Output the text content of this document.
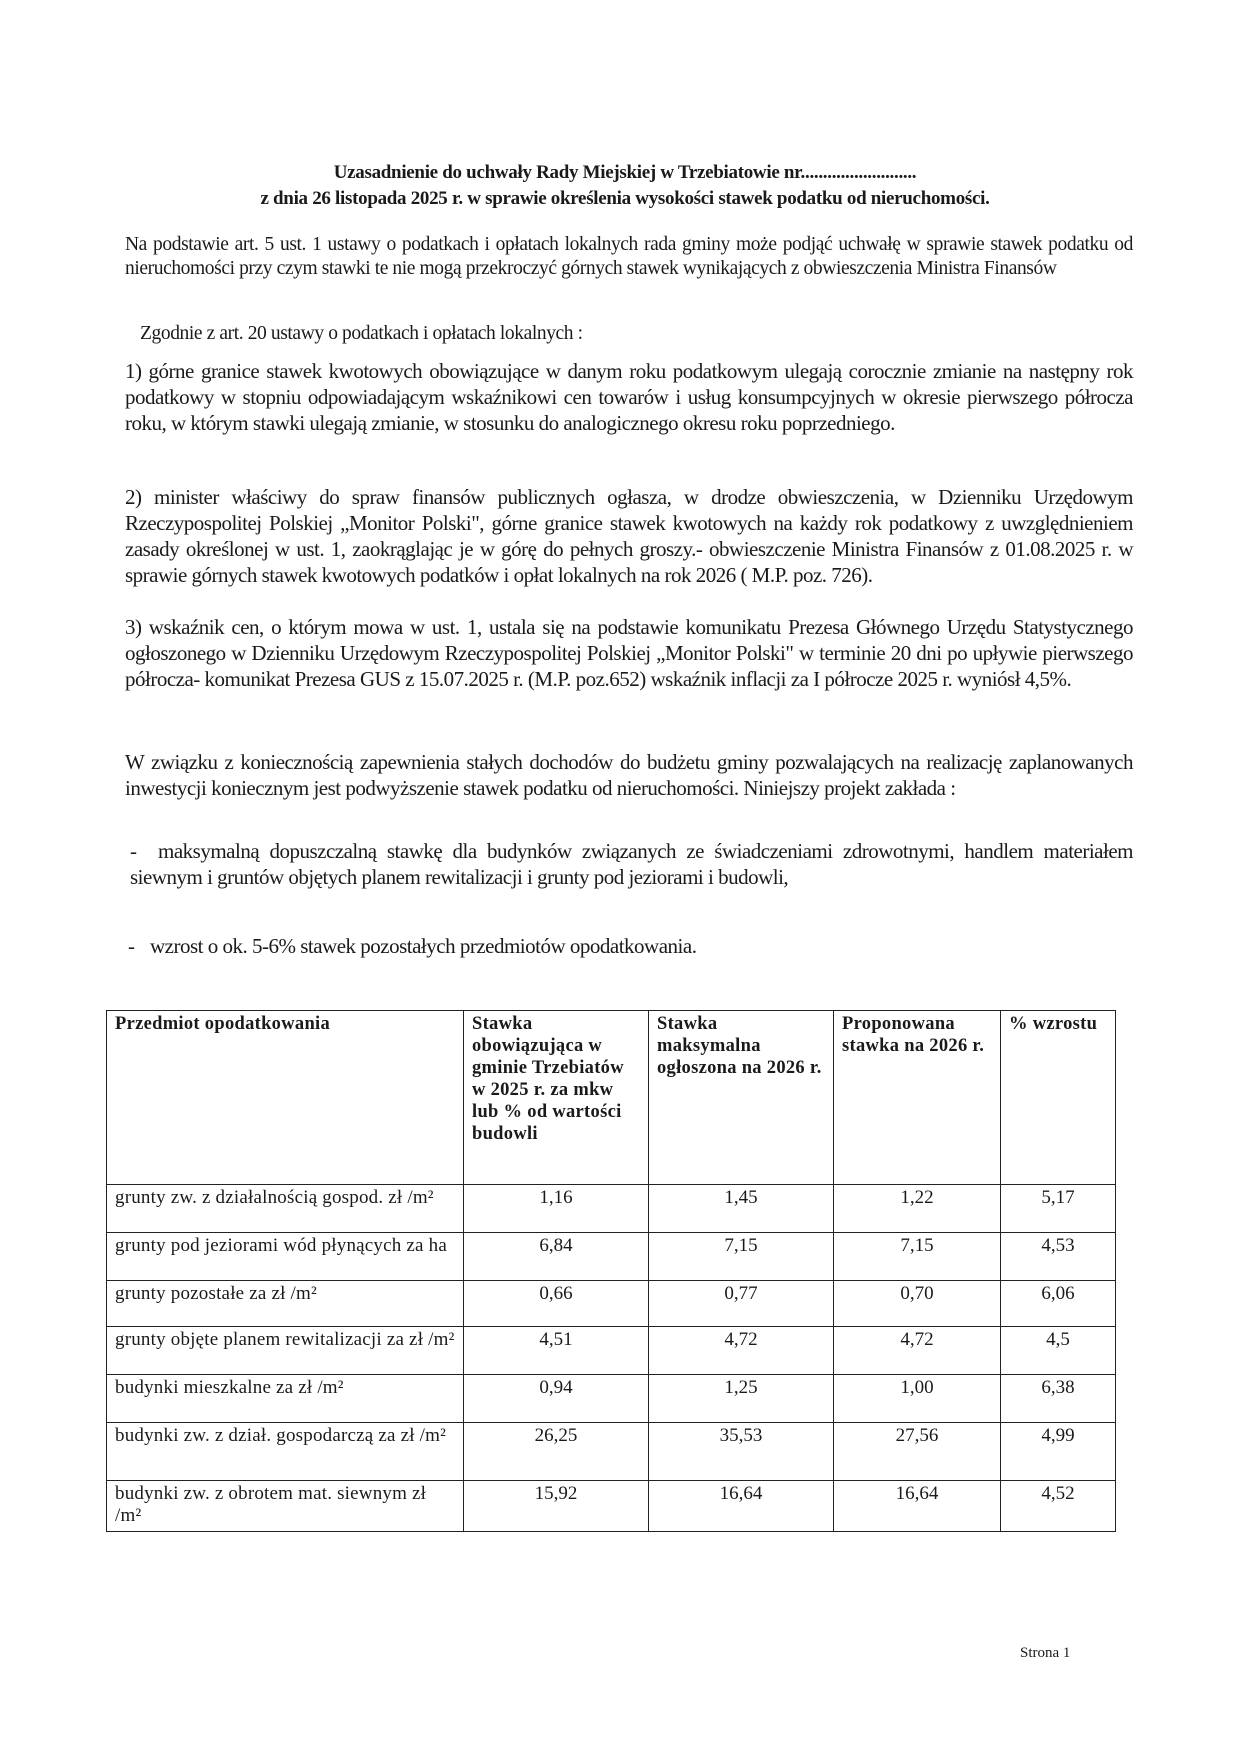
Uzasadnienie do uchwały Rady Miejskiej w Trzebiatowie nr..........................
z dnia 26 listopada 2025 r. w sprawie określenia wysokości stawek podatku od nieruchomości.
Na podstawie art. 5 ust. 1 ustawy o podatkach i opłatach lokalnych rada gminy może podjąć uchwałę w sprawie stawek podatku od nieruchomości przy czym stawki te nie mogą przekroczyć górnych stawek wynikających z obwieszczenia Ministra Finansów
Zgodnie z art. 20 ustawy o podatkach i opłatach lokalnych :
1) górne granice stawek kwotowych obowiązujące w danym roku podatkowym ulegają corocznie zmianie na następny rok podatkowy w stopniu odpowiadającym wskaźnikowi cen towarów i usług konsumpcyjnych w okresie pierwszego półrocza roku, w którym stawki ulegają zmianie, w stosunku do analogicznego okresu roku poprzedniego.
2) minister właściwy do spraw finansów publicznych ogłasza, w drodze obwieszczenia, w Dzienniku Urzędowym Rzeczypospolitej Polskiej „Monitor Polski", górne granice stawek kwotowych na każdy rok podatkowy z uwzględnieniem zasady określonej w ust. 1, zaokrąglając je w górę do pełnych groszy.- obwieszczenie Ministra Finansów z 01.08.2025 r. w sprawie górnych stawek kwotowych podatków i opłat lokalnych na rok 2026 ( M.P. poz. 726).
3) wskaźnik cen, o którym mowa w ust. 1, ustala się na podstawie komunikatu Prezesa Głównego Urzędu Statystycznego ogłoszonego w Dzienniku Urzędowym Rzeczypospolitej Polskiej „Monitor Polski" w terminie 20 dni po upływie pierwszego półrocza- komunikat Prezesa GUS z 15.07.2025 r. (M.P. poz.652) wskaźnik inflacji za I półrocze 2025 r. wyniósł 4,5%.
W związku z koniecznością zapewnienia stałych dochodów do budżetu gminy pozwalających na realizację zaplanowanych inwestycji koniecznym jest podwyższenie stawek podatku od nieruchomości. Niniejszy projekt zakłada :
- maksymalną dopuszczalną stawkę dla budynków związanych ze świadczeniami zdrowotnymi, handlem materiałem siewnym i gruntów objętych planem rewitalizacji i grunty pod jeziorami i budowli,
- wzrost o ok. 5-6% stawek pozostałych przedmiotów opodatkowania.
Przedmiot opodatkowania	Stawka obowiązująca w gminie Trzebiatów w 2025 r. za mkw lub % od wartości budowli	Stawka maksymalna ogłoszona na 2026 r.	Proponowana stawka na 2026 r.	% wzrostu
grunty zw. z działalnością gospod. zł /m²	1,16	1,45	1,22	5,17
grunty pod jeziorami wód płynących za ha	6,84	7,15	7,15	4,53
grunty pozostałe za zł /m²	0,66	0,77	0,70	6,06
grunty objęte planem rewitalizacji za zł /m²	4,51	4,72	4,72	4,5
budynki mieszkalne za zł /m²	0,94	1,25	1,00	6,38
budynki zw. z dział. gospodarczą za zł /m²	26,25	35,53	27,56	4,99
budynki zw. z obrotem mat. siewnym zł /m²	15,92	16,64	16,64	4,52
Strona 1
